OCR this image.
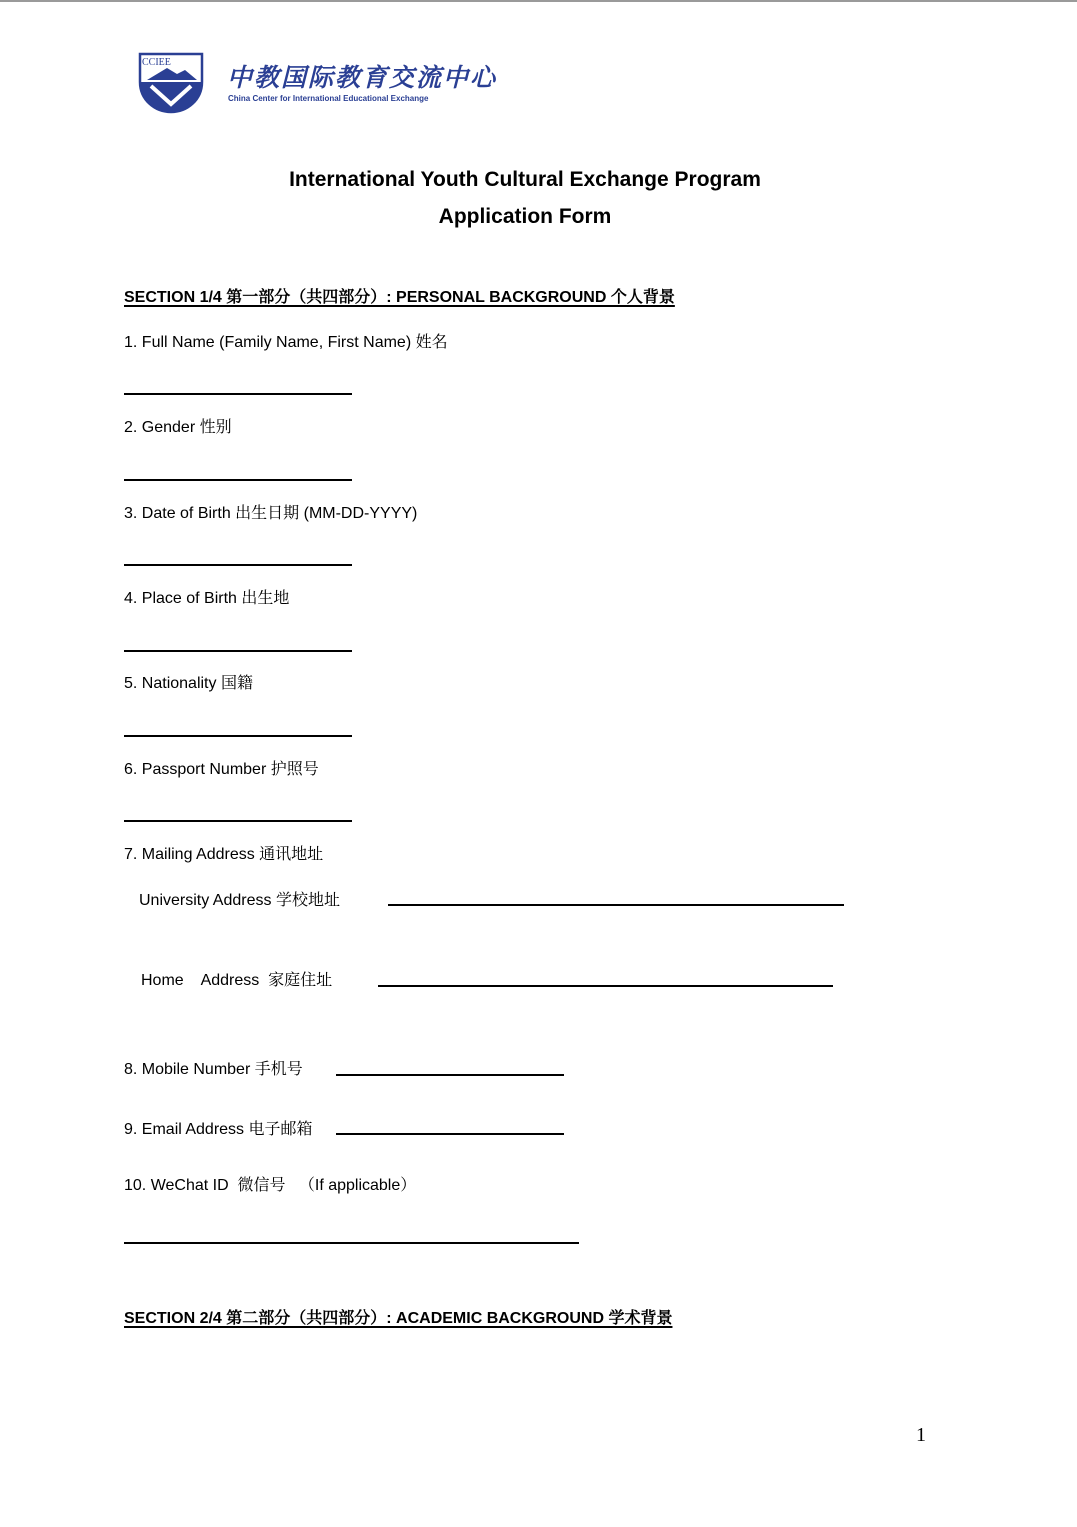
CCIEE
中教国际教育交流中心
China Center for International Educational Exchange
International Youth Cultural Exchange Program
Application Form
SECTION 1/4 第一部分（共四部分）: PERSONAL BACKGROUND 个人背景
1. Full Name (Family Name, First Name) 姓名
2. Gender 性别
3. Date of Birth 出生日期 (MM-DD-YYYY)
4. Place of Birth 出生地
5. Nationality 国籍
6. Passport Number 护照号
7. Mailing Address 通讯地址
University Address 学校地址
Home    Address  家庭住址
8. Mobile Number 手机号
9. Email Address 电子邮箱
10. WeChat ID  微信号   （If applicable）
SECTION 2/4 第二部分（共四部分）: ACADEMIC BACKGROUND 学术背景
1
